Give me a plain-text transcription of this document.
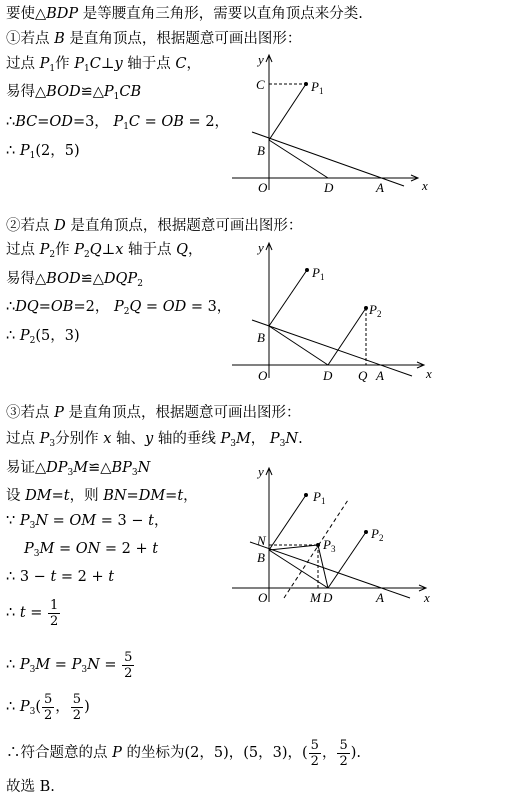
要使△BDP 是等腰直角三角形，需要以直角顶点来分类.
①若点 B 是直角顶点，根据题意可画出图形：
过点 $P_1$作 $P_1C\perp y$ 轴于点 C，
易得$\triangle BOD≌\triangle P_1CB$
∴BC=OD=3， $P_1C$ = OB = 2，
∴ $P_1(2$，5)
②若点 D 是直角顶点，根据题意可画出图形：
过点 $P_2$作 $P_2Q\perp x$ 轴于点 Q，
易得$\triangle BOD≌\triangle DQP_2$
∴DQ=OB=2， $P_2Q$ = OD = 3，
∴ $P_2(5$，3)
③若点 P 是直角顶点，根据题意可画出图形：
过点 $P_3$分别作 x 轴、y 轴的垂线 $P_3M$， $P_3N$.
易证$\triangle DP_3M≌\triangle BP_3N$
设 DM=t，则 BN=DM=t，
∵ $P_3N$ = OM = 3 − t，
$P_3M$ = ON = 2 + t
∴ 3 − t = 2 + t
∴ $t = \frac{1}{2}$
∴ $P_3M = P_3N = \frac{5}{2}$
∴ $P_3( \frac{5}{2}$ ， $\frac{5}{2}$ )
∴符合题意的点 P 的坐标为(2，5)，(5，3)，( $\frac{5}{2}$ ， $\frac{5}{2}$ ).
故选 B.
y
x
O
B
D	A
C	$P_1$
y
x
O
B
D Q A
$P_1$
$P_2$
y
x
O
N
B
M D	A
$P_1$
$P_2$
$P_3$
